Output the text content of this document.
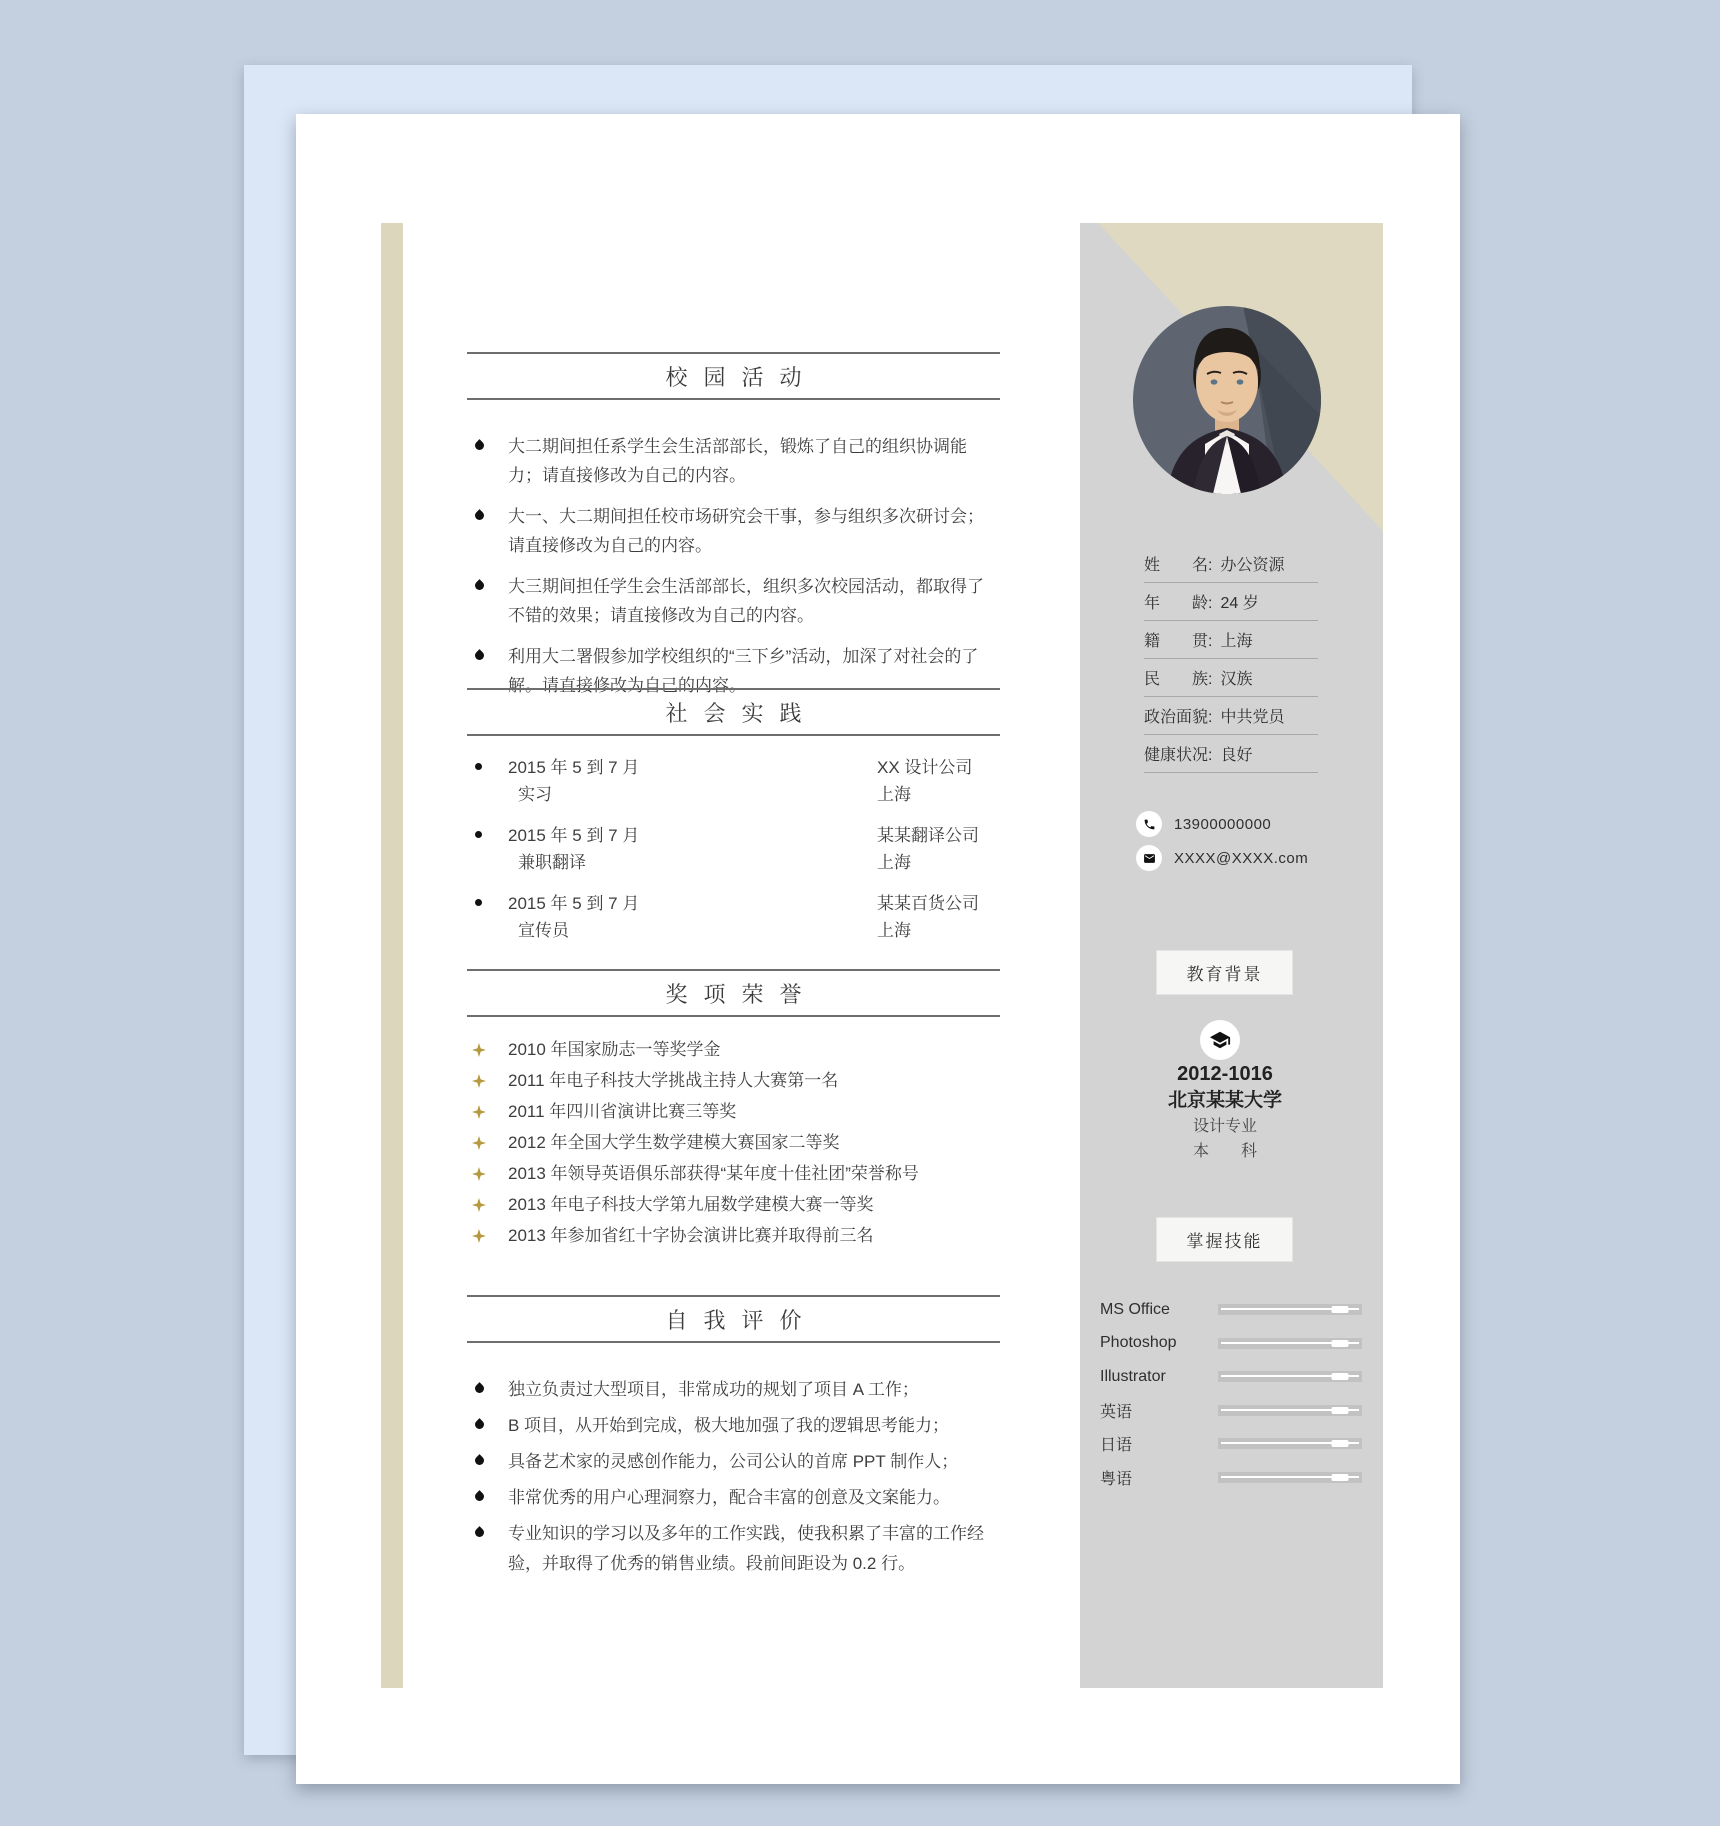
校园活动
大二期间担任系学生会生活部部长，锻炼了自己的组织协调能力；请直接修改为自己的内容。
大一、大二期间担任校市场研究会干事，参与组织多次研讨会；请直接修改为自己的内容。
大三期间担任学生会生活部部长，组织多次校园活动，都取得了不错的效果；请直接修改为自己的内容。
利用大二署假参加学校组织的“三下乡”活动，加深了对社会的了解。请直接修改为自己的内容。
社会实践
2015 年 5 到 7 月
实习
XX 设计公司
上海
2015 年 5 到 7 月
兼职翻译
某某翻译公司
上海
2015 年 5 到 7 月
宣传员
某某百货公司
上海
奖项荣誉
2010 年国家励志一等奖学金
2011 年电子科技大学挑战主持人大赛第一名
2011 年四川省演讲比赛三等奖
2012 年全国大学生数学建模大赛国家二等奖
2013 年领导英语俱乐部获得“某年度十佳社团”荣誉称号
2013 年电子科技大学第九届数学建模大赛一等奖
2013 年参加省红十字协会演讲比赛并取得前三名
自我评价
独立负责过大型项目，非常成功的规划了项目 A 工作；
B 项目，从开始到完成，极大地加强了我的逻辑思考能力；
具备艺术家的灵感创作能力，公司公认的首席 PPT 制作人；
非常优秀的用户心理洞察力，配合丰富的创意及文案能力。
专业知识的学习以及多年的工作实践，使我积累了丰富的工作经验，并取得了优秀的销售业绩。段前间距设为 0.2 行。
姓　　名: 办公资源
年　　龄: 24 岁
籍　　贯: 上海
民　　族: 汉族
政治面貌: 中共党员
健康状况: 良好
13900000000
XXXX@XXXX.com
教育背景
2012-1016
北京某某大学
设计专业
本　　科
掌握技能
MS Office
Photoshop
Illustrator
英语
日语
粤语
